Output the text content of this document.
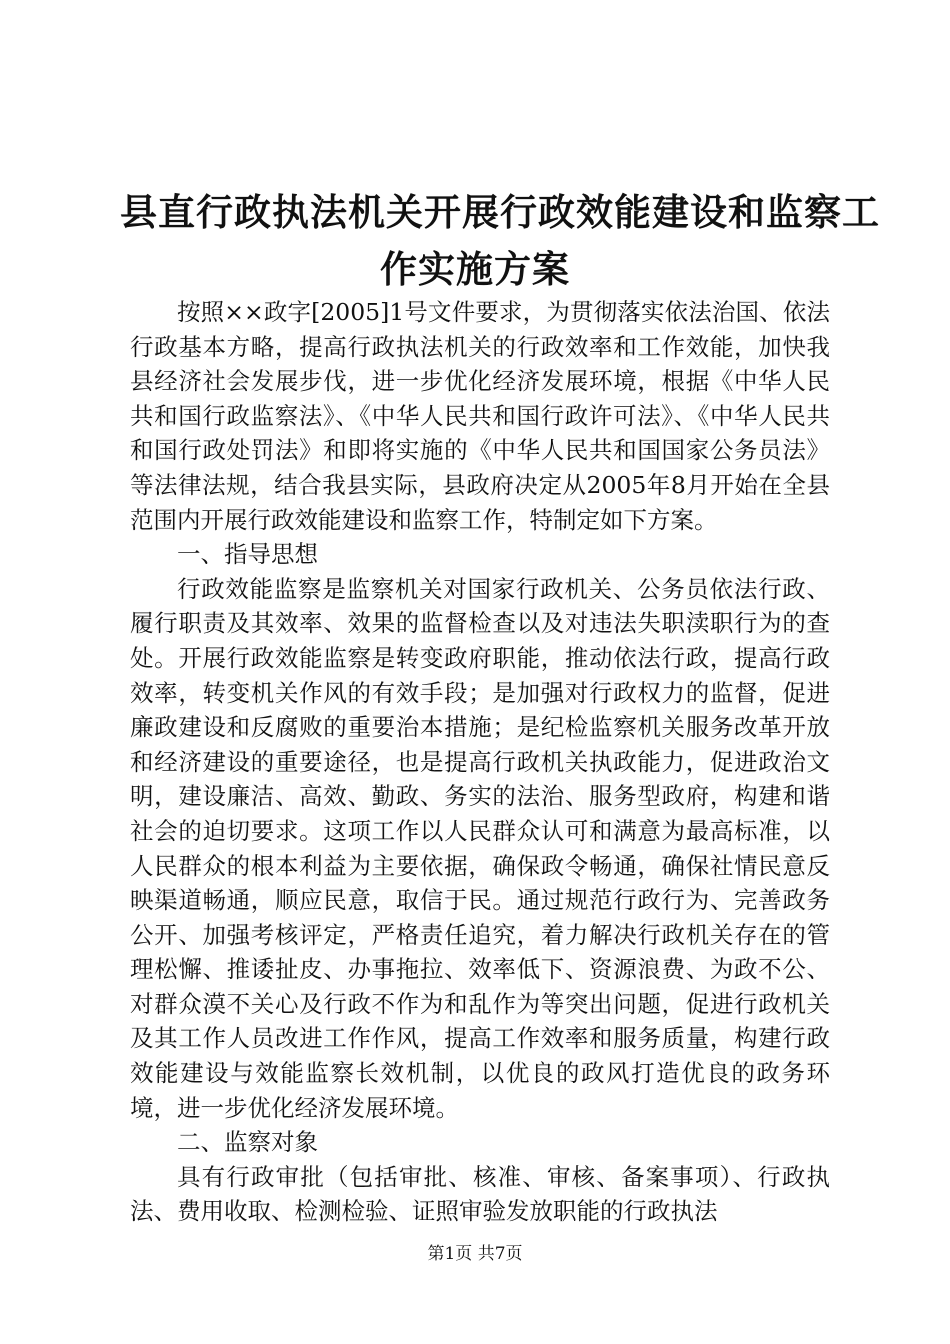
县直行政执法机关开展行政效能建设和监察工
作实施方案

按照××政字[2005]1号文件要求，为贯彻落实依法治国、依法行政基本方略，提高行政执法机关的行政效率和工作效能，加快我县经济社会发展步伐，进一步优化经济发展环境，根据《中华人民共和国行政监察法》、《中华人民共和国行政许可法》、《中华人民共和国行政处罚法》和即将实施的《中华人民共和国国家公务员法》等法律法规，结合我县实际，县政府决定从2005年8月开始在全县范围内开展行政效能建设和监察工作，特制定如下方案。

一、指导思想

行政效能监察是监察机关对国家行政机关、公务员依法行政、履行职责及其效率、效果的监督检查以及对违法失职渎职行为的查处。开展行政效能监察是转变政府职能，推动依法行政，提高行政效率，转变机关作风的有效手段；是加强对行政权力的监督，促进廉政建设和反腐败的重要治本措施；是纪检监察机关服务改革开放和经济建设的重要途径，也是提高行政机关执政能力，促进政治文明，建设廉洁、高效、勤政、务实的法治、服务型政府，构建和谐社会的迫切要求。这项工作以人民群众认可和满意为最高标准，以人民群众的根本利益为主要依据，确保政令畅通，确保社情民意反映渠道畅通，顺应民意，取信于民。通过规范行政行为、完善政务公开、加强考核评定，严格责任追究，着力解决行政机关存在的管理松懈、推诿扯皮、办事拖拉、效率低下、资源浪费、为政不公、对群众漠不关心及行政不作为和乱作为等突出问题，促进行政机关及其工作人员改进工作作风，提高工作效率和服务质量，构建行政效能建设与效能监察长效机制，以优良的政风打造优良的政务环境，进一步优化经济发展环境。

二、监察对象

具有行政审批（包括审批、核准、审核、备案事项）、行政执法、费用收取、检测检验、证照审验发放职能的行政执法

第1页 共7页
